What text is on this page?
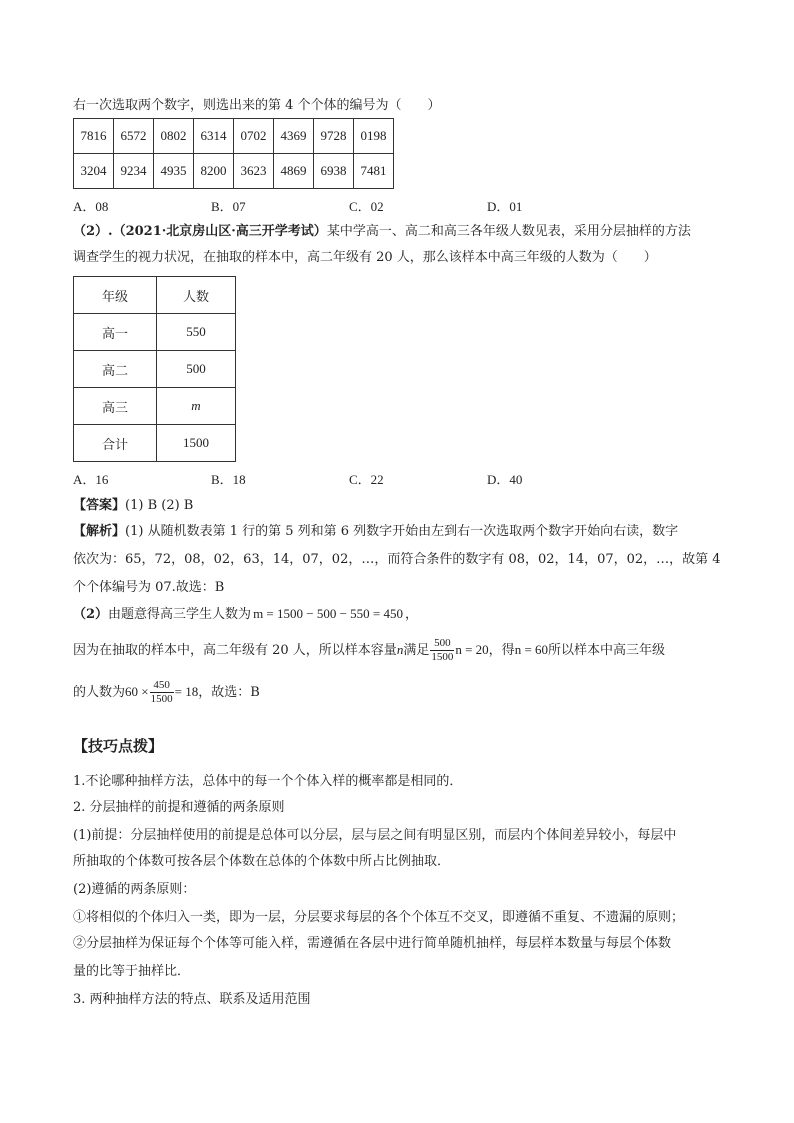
右一次选取两个数字，则选出来的第 4 个个体的编号为（　　）
7816	6572	0802	6314	0702	4369	9728	0198
3204	9234	4935	8200	3623	4869	6938	7481
A．08	B．07	C．02	D．01
（2）.（2021·北京房山区·高三开学考试）某中学高一、高二和高三各年级人数见表，采用分层抽样的方法
调查学生的视力状况，在抽取的样本中，高二年级有 20 人，那么该样本中高三年级的人数为（　　）
年级	人数
高一	550
高二	500
高三	m
合计	1500
A．16	B．18	C．22	D．40
【答案】(1) B (2) B
【解析】(1) 从随机数表第 1 行的第 5 列和第 6 列数字开始由左到右一次选取两个数字开始向右读，数字
依次为：65，72，08，02，63，14，07，02，…，而符合条件的数字有 08，02，14，07，02，…，故第 4
个个体编号为 07.故选：B
（2）由题意得高三学生人数为 m = 1500 − 500 − 550 = 450 ，
因为在抽取的样本中，高二年级有 20 人，所以样本容量n满足 $\frac{500}{1500}$ n = 20，得n = 60所以样本中高三年级
的人数为$60 \times \frac{450}{1500} = 18$，故选：B
【技巧点拨】
1.不论哪种抽样方法，总体中的每一个个体入样的概率都是相同的．
2. 分层抽样的前提和遵循的两条原则
(1)前提：分层抽样使用的前提是总体可以分层，层与层之间有明显区别，而层内个体间差异较小，每层中
所抽取的个体数可按各层个体数在总体的个体数中所占比例抽取．
(2)遵循的两条原则：
①将相似的个体归入一类，即为一层，分层要求每层的各个个体互不交叉，即遵循不重复、不遗漏的原则；
②分层抽样为保证每个个体等可能入样，需遵循在各层中进行简单随机抽样，每层样本数量与每层个体数
量的比等于抽样比．
3. 两种抽样方法的特点、联系及适用范围
